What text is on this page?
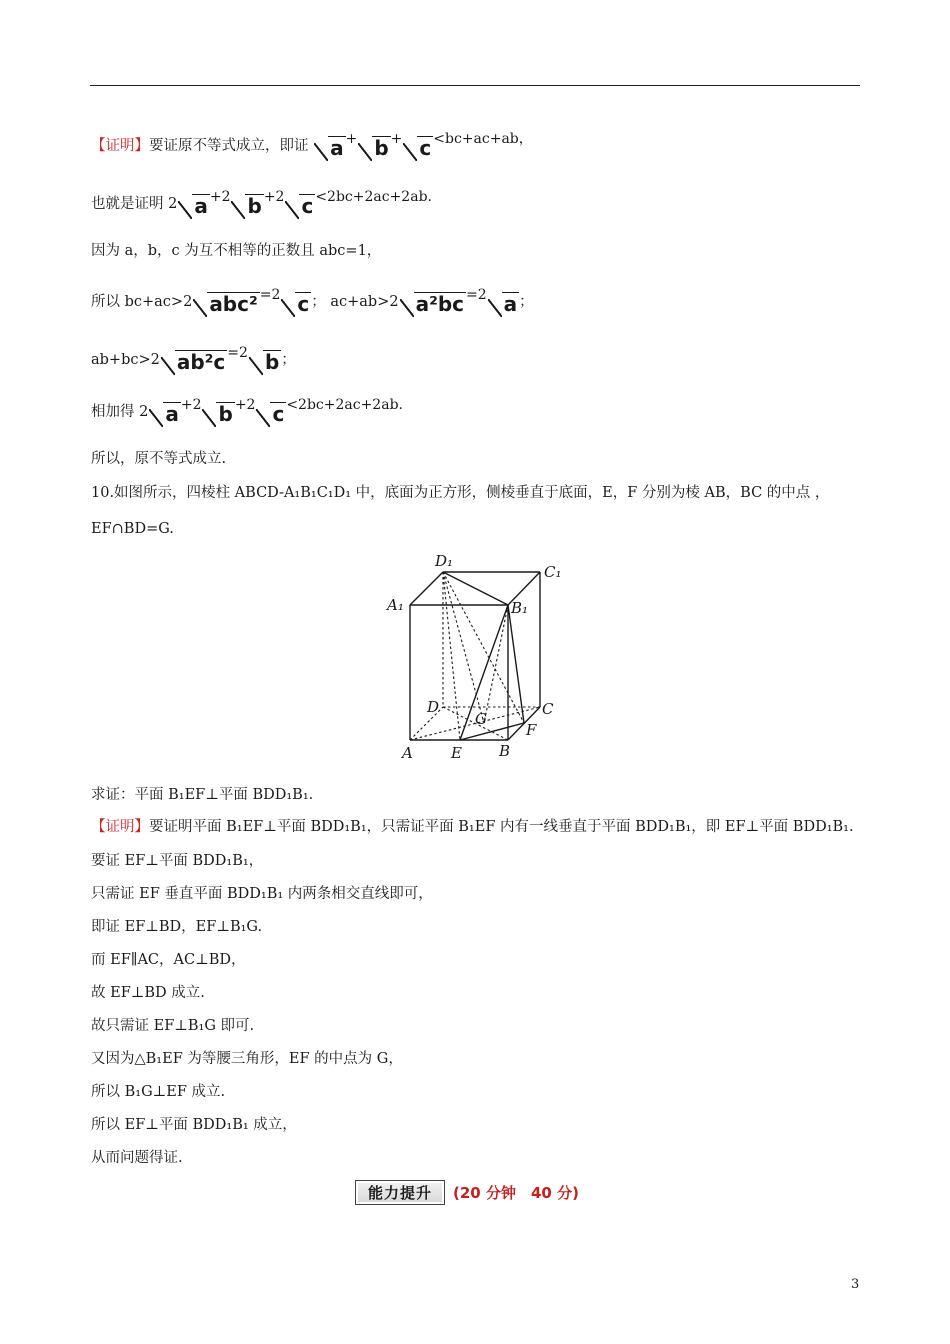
【证明】要证原不等式成立，即证 a + b + c <bc+ac+ab，
也就是证明 2 a +2 b +2 c <2bc+2ac+2ab.
因为 a，b，c 为互不相等的正数且 abc=1，
所以 bc+ac>2 abc² =2 c ； ac+ab>2 a²bc =2 a ；
ab+bc>2 ab²c =2 b ；
相加得 2 a +2 b +2 c <2bc+2ac+2ab.
所以，原不等式成立.
10.如图所示，四棱柱 ABCD-A₁B₁C₁D₁ 中，底面为正方形，侧棱垂直于底面，E，F 分别为棱 AB，BC 的中点 ，
EF∩BD=G.
D₁
C₁
A₁	B₁
D
G
C
F
A	E B
求证：平面 B₁EF⊥平面 BDD₁B₁.
【证明】要证明平面 B₁EF⊥平面 BDD₁B₁，只需证平面 B₁EF 内有一线垂直于平面 BDD₁B₁，即 EF⊥平面 BDD₁B₁.
要证 EF⊥平面 BDD₁B₁，
只需证 EF 垂直平面 BDD₁B₁ 内两条相交直线即可，
即证 EF⊥BD，EF⊥B₁G.
而 EF∥AC，AC⊥BD，
故 EF⊥BD 成立.
故只需证 EF⊥B₁G 即可.
又因为△B₁EF 为等腰三角形，EF 的中点为 G，
所以 B₁G⊥EF 成立.
所以 EF⊥平面 BDD₁B₁ 成立，
从而问题得证.
能力提升	(20 分钟　40 分)
3
